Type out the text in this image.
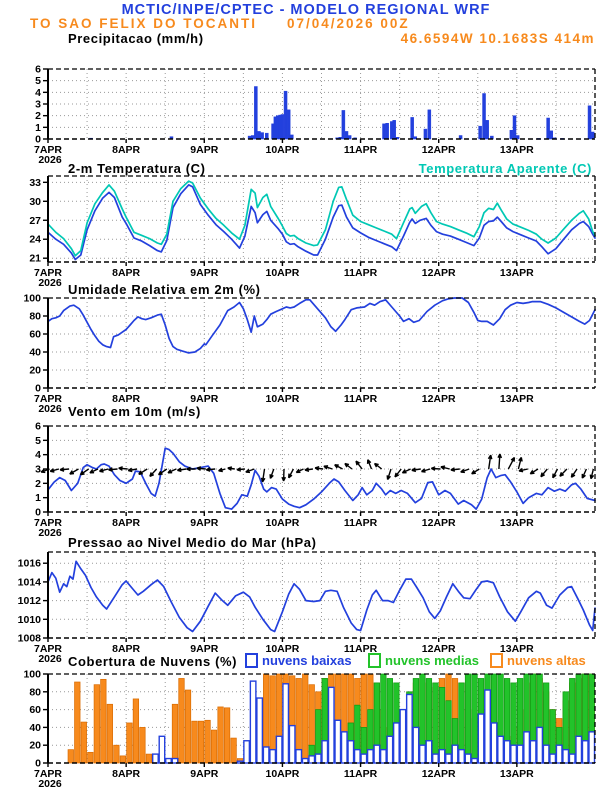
MCTIC/INPE/CPTEC - MODELO REGIONAL WRF
TO SAO FELIX DO TOCANTI 07/04/2026 00Z
46.6594W 10.1683S 414m
Precipitacao (mm/h)
2-m Temperatura (C)	Temperatura Aparente (C)
Umidade Relativa em 2m (%)
Vento em 10m (m/s)
Pressao ao Nivel Medio do Mar (hPa)
Cobertura de Nuvens (%) nuvens baixas	nuvens medias nuvens altas
0
1
2
3
4
5
6
7APR
2026
8APR	9APR	10APR	11APR	12APR	13APR
21
24
27
30
33
7APR
2026
8APR	9APR	10APR	11APR	12APR	13APR
0
20
40
60
80
100
7APR
2026
8APR	9APR	10APR	11APR	12APR	13APR
0
1
2
3
4
5
6
7APR
2026
8APR	9APR	10APR	11APR	12APR	13APR
1008
1010
1012
1014
1016
7APR
2026
8APR	9APR	10APR	11APR	12APR	13APR
0
20
40
60
80
100
7APR
2026
8APR	9APR	10APR	11APR	12APR	13APR
